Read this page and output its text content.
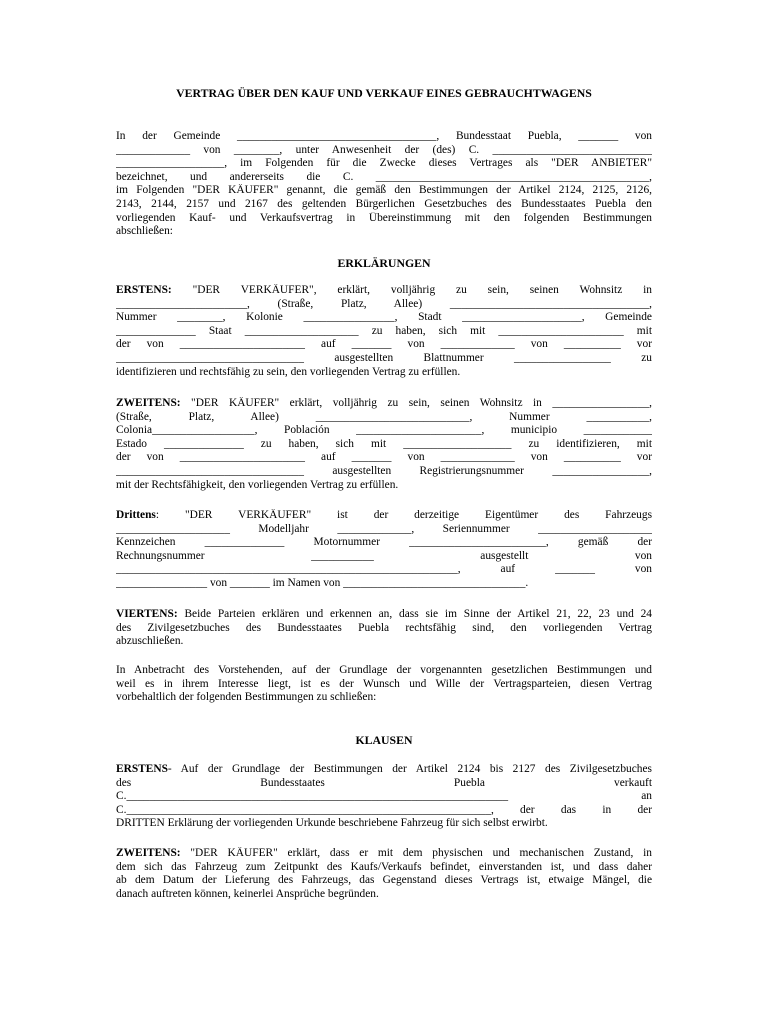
VERTRAG ÜBER DEN KAUF UND VERKAUF EINES GEBRAUCHTWAGENS
In der Gemeinde ___________________________________, Bundesstaat Puebla, _______ von
_____________ von ________, unter Anwesenheit der (des) C. ____________________________
___________________, im Folgenden für die Zwecke dieses Vertrages als "DER ANBIETER"
bezeichnet, und andererseits die C. ________________________________________________,
im Folgenden "DER KÄUFER" genannt, die gemäß den Bestimmungen der Artikel 2124, 2125, 2126,
2143, 2144, 2157 und 2167 des geltenden Bürgerlichen Gesetzbuches des Bundesstaates Puebla den
vorliegenden Kauf- und Verkaufsvertrag in Übereinstimmung mit den folgenden Bestimmungen
abschließen:
ERKLÄRUNGEN
ERSTENS: "DER VERKÄUFER", erklärt, volljährig zu sein, seinen Wohnsitz in
_______________________, (Straße, Platz, Allee) ___________________________________,
Nummer ________, Kolonie ________________, Stadt _____________________, Gemeinde
______________ Staat ____________________ zu haben, sich mit ______________________ mit
der von ______________________ auf _______ von _____________ von __________ vor
_________________________________ ausgestellten Blattnummer _________________ zu
identifizieren und rechtsfähig zu sein, den vorliegenden Vertrag zu erfüllen.
ZWEITENS: "DER KÄUFER" erklärt, volljährig zu sein, seinen Wohnsitz in _________________,
(Straße, Platz, Allee) ___________________________, Nummer ___________,
Colonia__________________, Población ______________________, municipio ____________
Estado ______________ zu haben, sich mit ___________________ zu identifizieren, mit
der von ______________________ auf _______ von _____________ von __________ vor
_________________________________ ausgestellten Registrierungsnummer _________________,
mit der Rechtsfähigkeit, den vorliegenden Vertrag zu erfüllen.
Drittens: "DER VERKÄUFER" ist der derzeitige Eigentümer des Fahrzeugs
____________________ Modelljahr _____________, Seriennummer ____________________
Kennzeichen ______________ Motornummer ________________________, gemäß der
Rechnungsnummer ___________ ausgestellt von
____________________________________________________________, auf _______ von
________________ von _______ im Namen von ________________________________.
VIERTENS: Beide Parteien erklären und erkennen an, dass sie im Sinne der Artikel 21, 22, 23 und 24
des Zivilgesetzbuches des Bundesstaates Puebla rechtsfähig sind, den vorliegenden Vertrag
abzuschließen.
In Anbetracht des Vorstehenden, auf der Grundlage der vorgenannten gesetzlichen Bestimmungen und
weil es in ihrem Interesse liegt, ist es der Wunsch und Wille der Vertragsparteien, diesen Vertrag
vorbehaltlich der folgenden Bestimmungen zu schließen:
KLAUSEN
ERSTENS- Auf der Grundlage der Bestimmungen der Artikel 2124 bis 2127 des Zivilgesetzbuches
des Bundesstaates Puebla verkauft
C.___________________________________________________________________ an
C.________________________________________________________________, der das in der
DRITTEN Erklärung der vorliegenden Urkunde beschriebene Fahrzeug für sich selbst erwirbt.
ZWEITENS: "DER KÄUFER" erklärt, dass er mit dem physischen und mechanischen Zustand, in
dem sich das Fahrzeug zum Zeitpunkt des Kaufs/Verkaufs befindet, einverstanden ist, und dass daher
ab dem Datum der Lieferung des Fahrzeugs, das Gegenstand dieses Vertrags ist, etwaige Mängel, die
danach auftreten können, keinerlei Ansprüche begründen.
